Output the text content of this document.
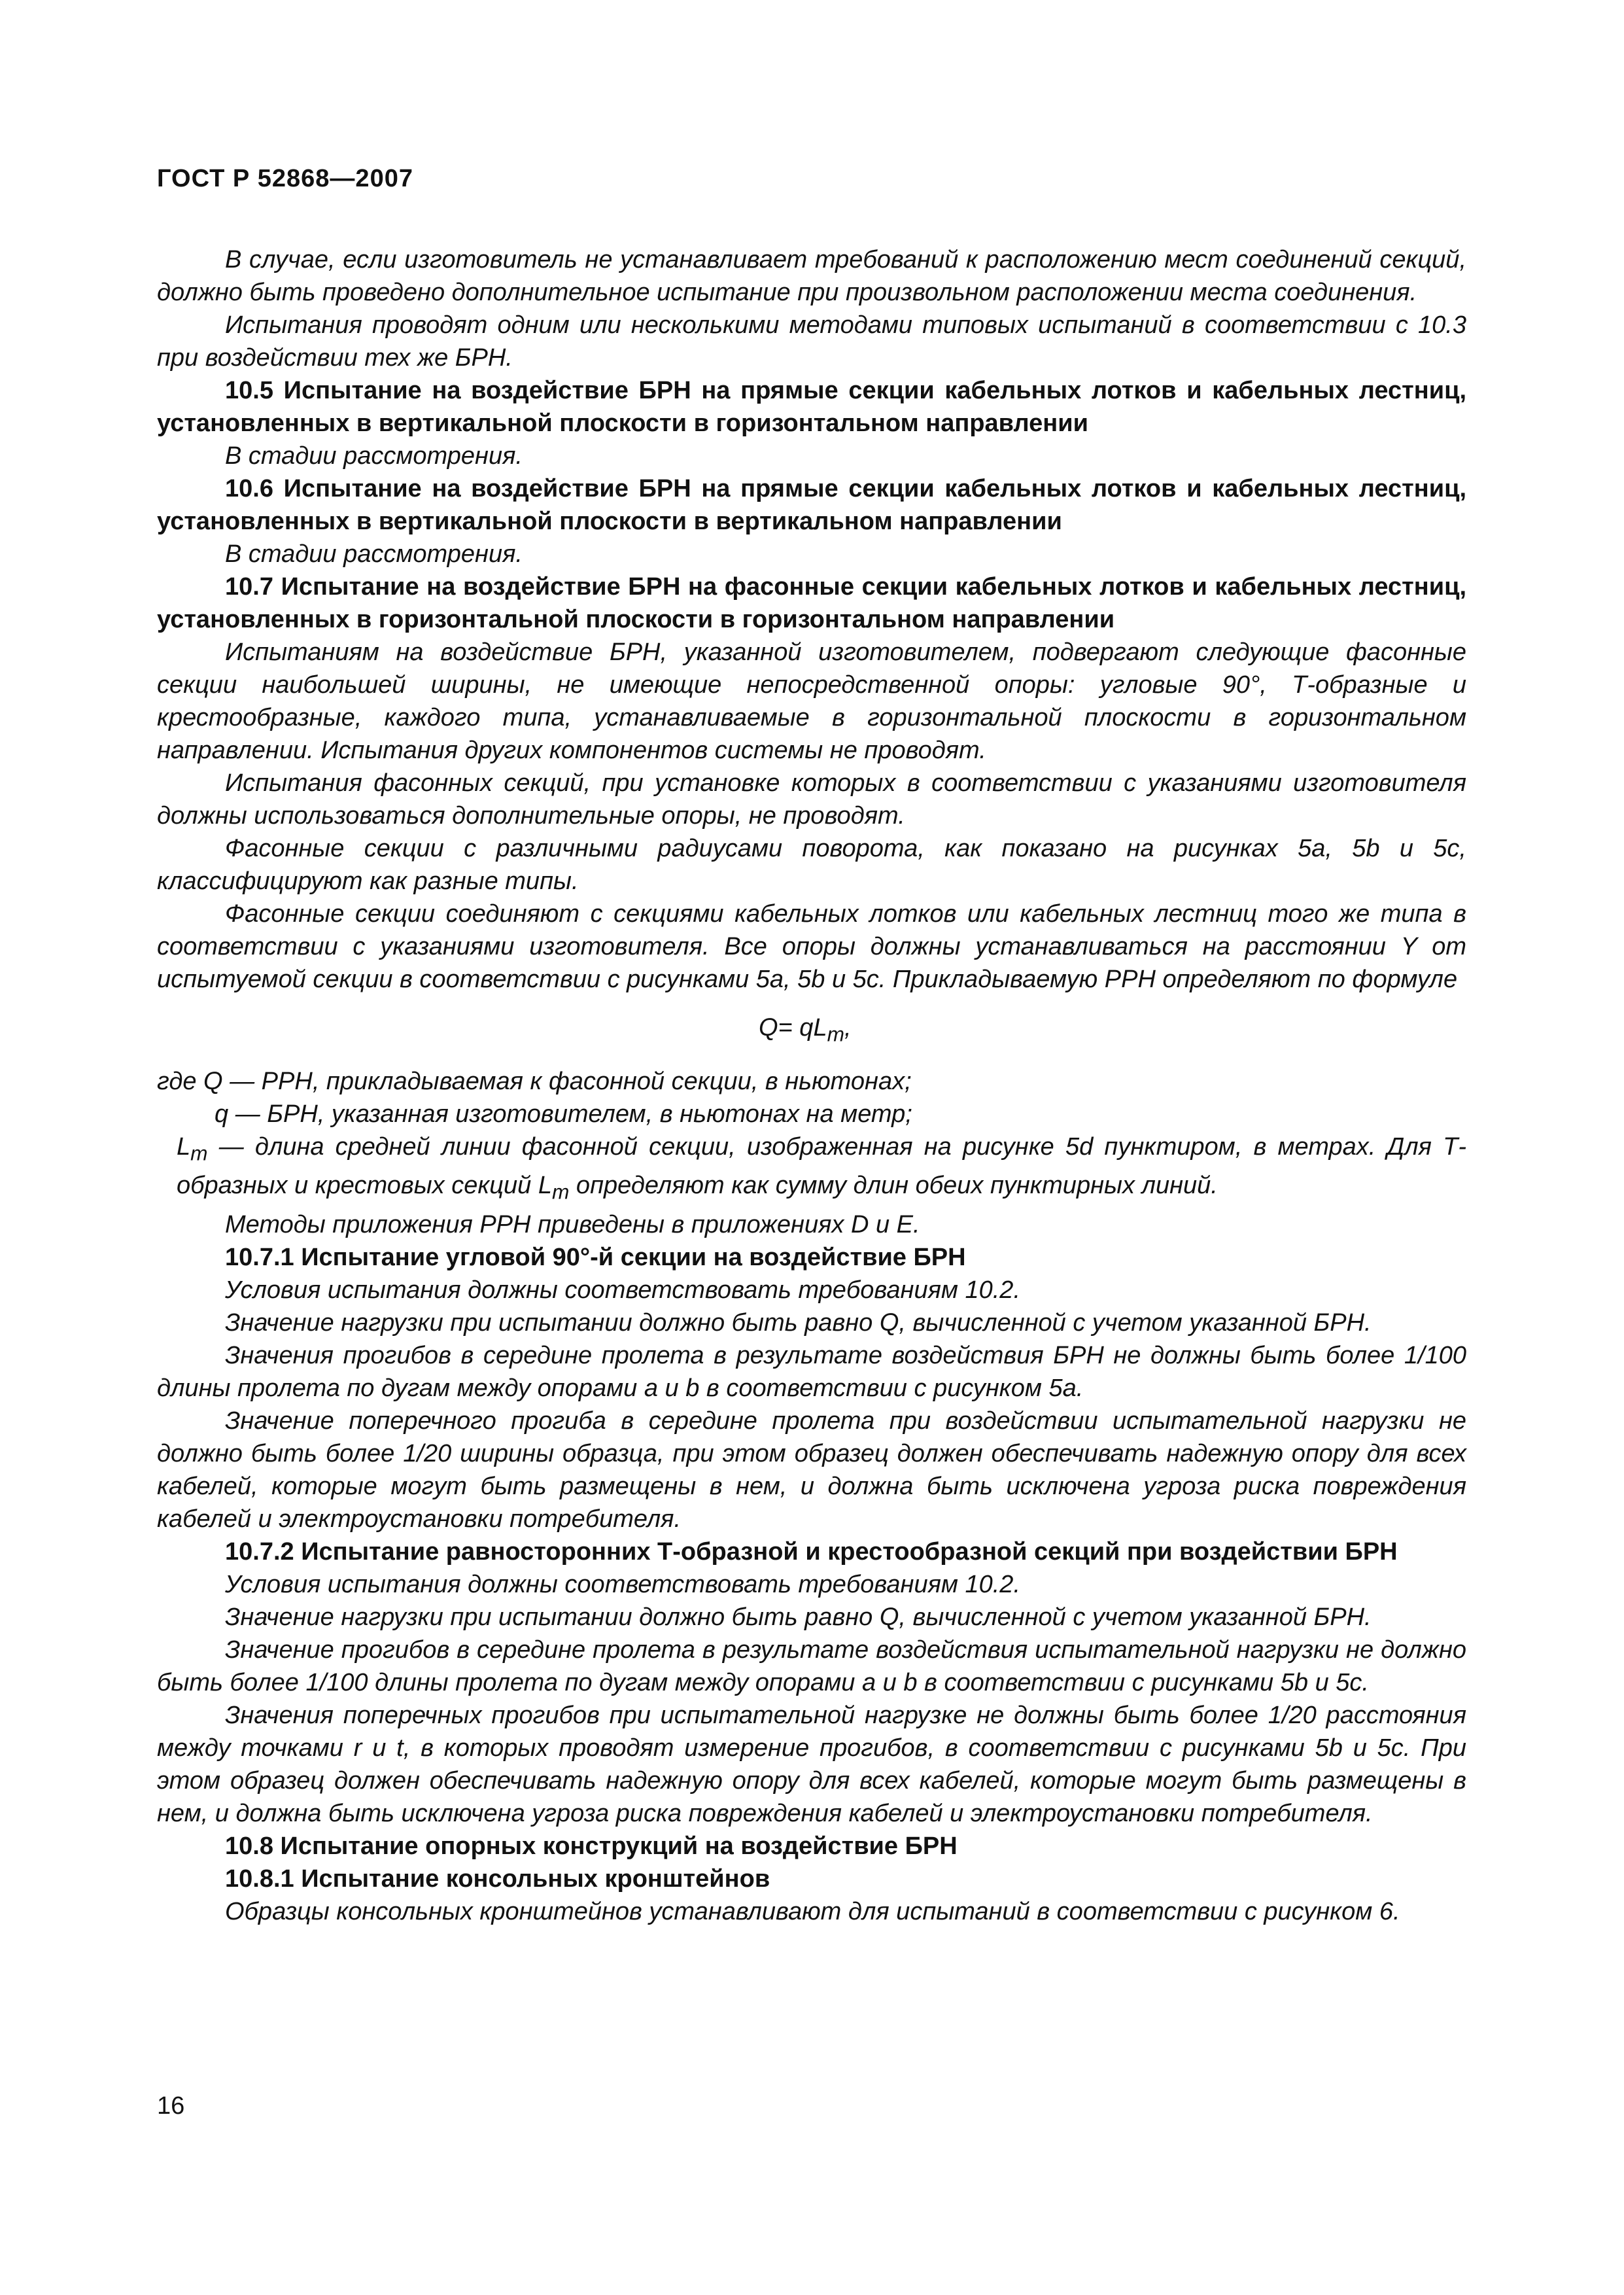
ГОСТ Р 52868—2007

В случае, если изготовитель не устанавливает требований к расположению мест соединений секций, должно быть проведено дополнительное испытание при произвольном расположении места соединения.

Испытания проводят одним или несколькими методами типовых испытаний в соответствии с 10.3 при воздействии тех же БРН.

10.5 Испытание на воздействие БРН на прямые секции кабельных лотков и кабельных лестниц, установленных в вертикальной плоскости в горизонтальном направлении

В стадии рассмотрения.

10.6 Испытание на воздействие БРН на прямые секции кабельных лотков и кабельных лестниц, установленных в вертикальной плоскости в вертикальном направлении

В стадии рассмотрения.

10.7 Испытание на воздействие БРН на фасонные секции кабельных лотков и кабельных лестниц, установленных в горизонтальной плоскости в горизонтальном направлении

Испытаниям на воздействие БРН, указанной изготовителем, подвергают следующие фасонные секции наибольшей ширины, не имеющие непосредственной опоры: угловые 90°, Т-образные и крестообразные, каждого типа, устанавливаемые в горизонтальной плоскости в горизонтальном направлении. Испытания других компонентов системы не проводят.

Испытания фасонных секций, при установке которых в соответствии с указаниями изготовителя должны использоваться дополнительные опоры, не проводят.

Фасонные секции с различными радиусами поворота, как показано на рисунках 5а, 5b и 5с, классифицируют как разные типы.

Фасонные секции соединяют с секциями кабельных лотков или кабельных лестниц того же типа в соответствии с указаниями изготовителя. Все опоры должны устанавливаться на расстоянии Y от испытуемой секции в соответствии с рисунками 5а, 5b и 5с. Прикладываемую РРН определяют по формуле

$Q= qL_m$,

где Q — РРН, прикладываемая к фасонной секции, в ньютонах;

q — БРН, указанная изготовителем, в ньютонах на метр;

$L_m$ — длина средней линии фасонной секции, изображенная на рисунке 5d пунктиром, в метрах. Для Т-образных и крестовых секций $L_m$ определяют как сумму длин обеих пунктирных линий.

Методы приложения РРН приведены в приложениях D и Е.

10.7.1 Испытание угловой 90°-й секции на воздействие БРН

Условия испытания должны соответствовать требованиям 10.2.

Значение нагрузки при испытании должно быть равно Q, вычисленной с учетом указанной БРН.

Значения прогибов в середине пролета в результате воздействия БРН не должны быть более 1/100 длины пролета по дугам между опорами а и b в соответствии с рисунком 5а.

Значение поперечного прогиба в середине пролета при воздействии испытательной нагрузки не должно быть более 1/20 ширины образца, при этом образец должен обеспечивать надежную опору для всех кабелей, которые могут быть размещены в нем, и должна быть исключена угроза риска повреждения кабелей и электроустановки потребителя.

10.7.2 Испытание равносторонних Т-образной и крестообразной секций при воздействии БРН

Условия испытания должны соответствовать требованиям 10.2.

Значение нагрузки при испытании должно быть равно Q, вычисленной с учетом указанной БРН.

Значение прогибов в середине пролета в результате воздействия испытательной нагрузки не должно быть более 1/100 длины пролета по дугам между опорами а и b в соответствии с рисунками 5b и 5с.

Значения поперечных прогибов при испытательной нагрузке не должны быть более 1/20 расстояния между точками r и t, в которых проводят измерение прогибов, в соответствии с рисунками 5b и 5с. При этом образец должен обеспечивать надежную опору для всех кабелей, которые могут быть размещены в нем, и должна быть исключена угроза риска повреждения кабелей и электроустановки потребителя.

10.8 Испытание опорных конструкций на воздействие БРН

10.8.1 Испытание консольных кронштейнов

Образцы консольных кронштейнов устанавливают для испытаний в соответствии с рисунком 6.

16
